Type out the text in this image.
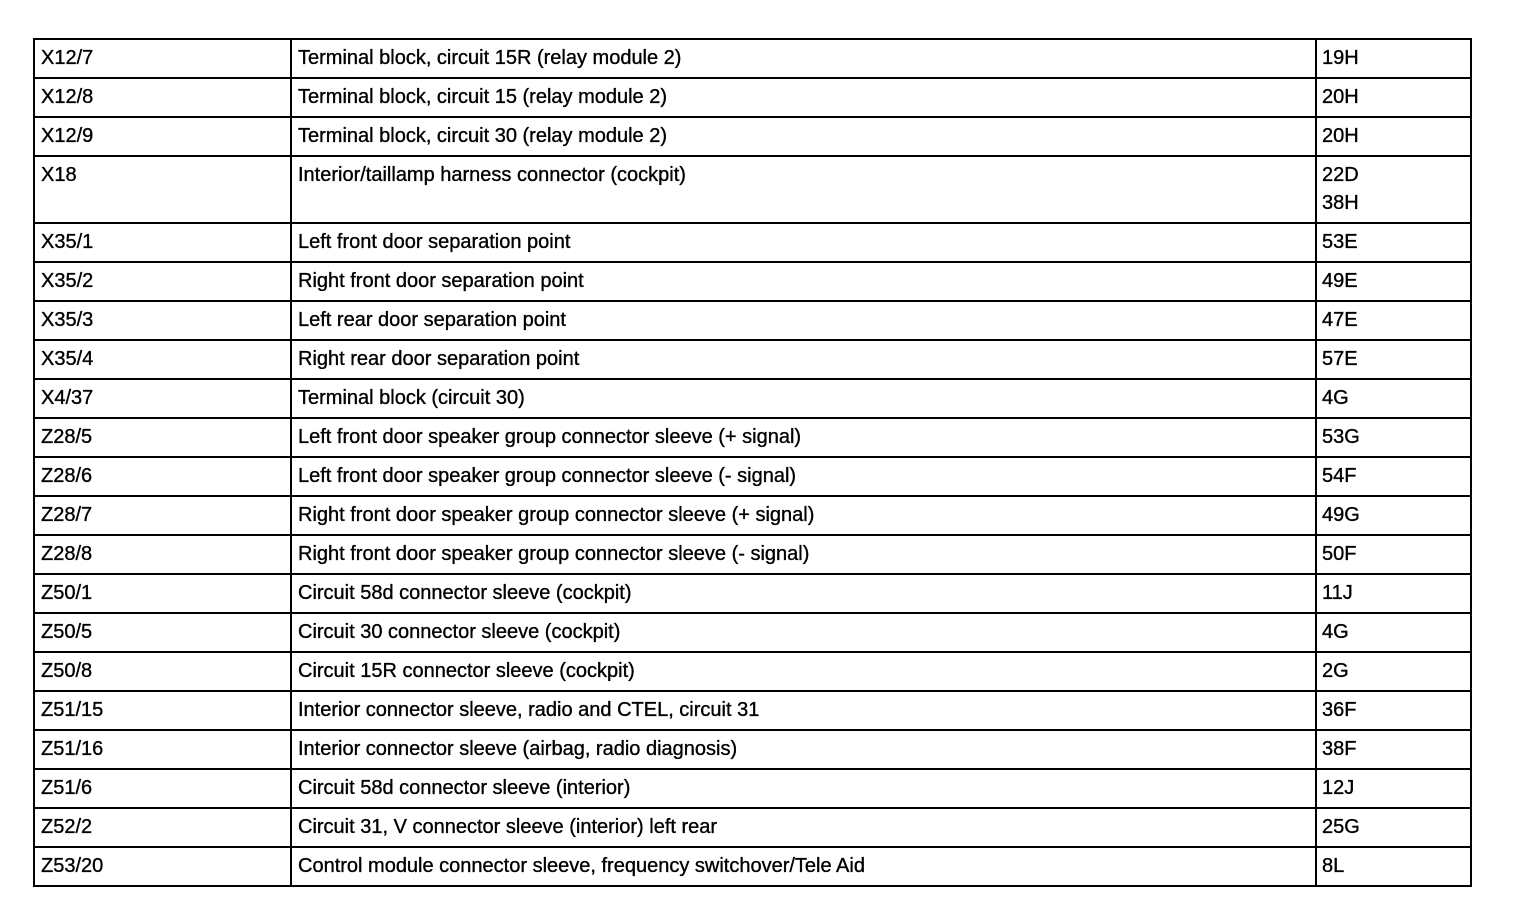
X12/7	Terminal block, circuit 15R (relay module 2)	19H

X12/8	Terminal block, circuit 15 (relay module 2)	20H

X12/9	Terminal block, circuit 30 (relay module 2)	20H

X18	Interior/taillamp harness connector (cockpit)	22D
38H

X35/1	Left front door separation point	53E

X35/2	Right front door separation point	49E

X35/3	Left rear door separation point	47E

X35/4	Right rear door separation point	57E

X4/37	Terminal block (circuit 30)	4G

Z28/5	Left front door speaker group connector sleeve (+ signal)	53G

Z28/6	Left front door speaker group connector sleeve (- signal)	54F

Z28/7	Right front door speaker group connector sleeve (+ signal)	49G

Z28/8	Right front door speaker group connector sleeve (- signal)	50F

Z50/1	Circuit 58d connector sleeve (cockpit)	11J

Z50/5	Circuit 30 connector sleeve (cockpit)	4G

Z50/8	Circuit 15R connector sleeve (cockpit)	2G

Z51/15	Interior connector sleeve, radio and CTEL, circuit 31	36F

Z51/16	Interior connector sleeve (airbag, radio diagnosis)	38F

Z51/6	Circuit 58d connector sleeve (interior)	12J

Z52/2	Circuit 31, V connector sleeve (interior) left rear	25G

Z53/20	Control module connector sleeve, frequency switchover/Tele Aid	8L
